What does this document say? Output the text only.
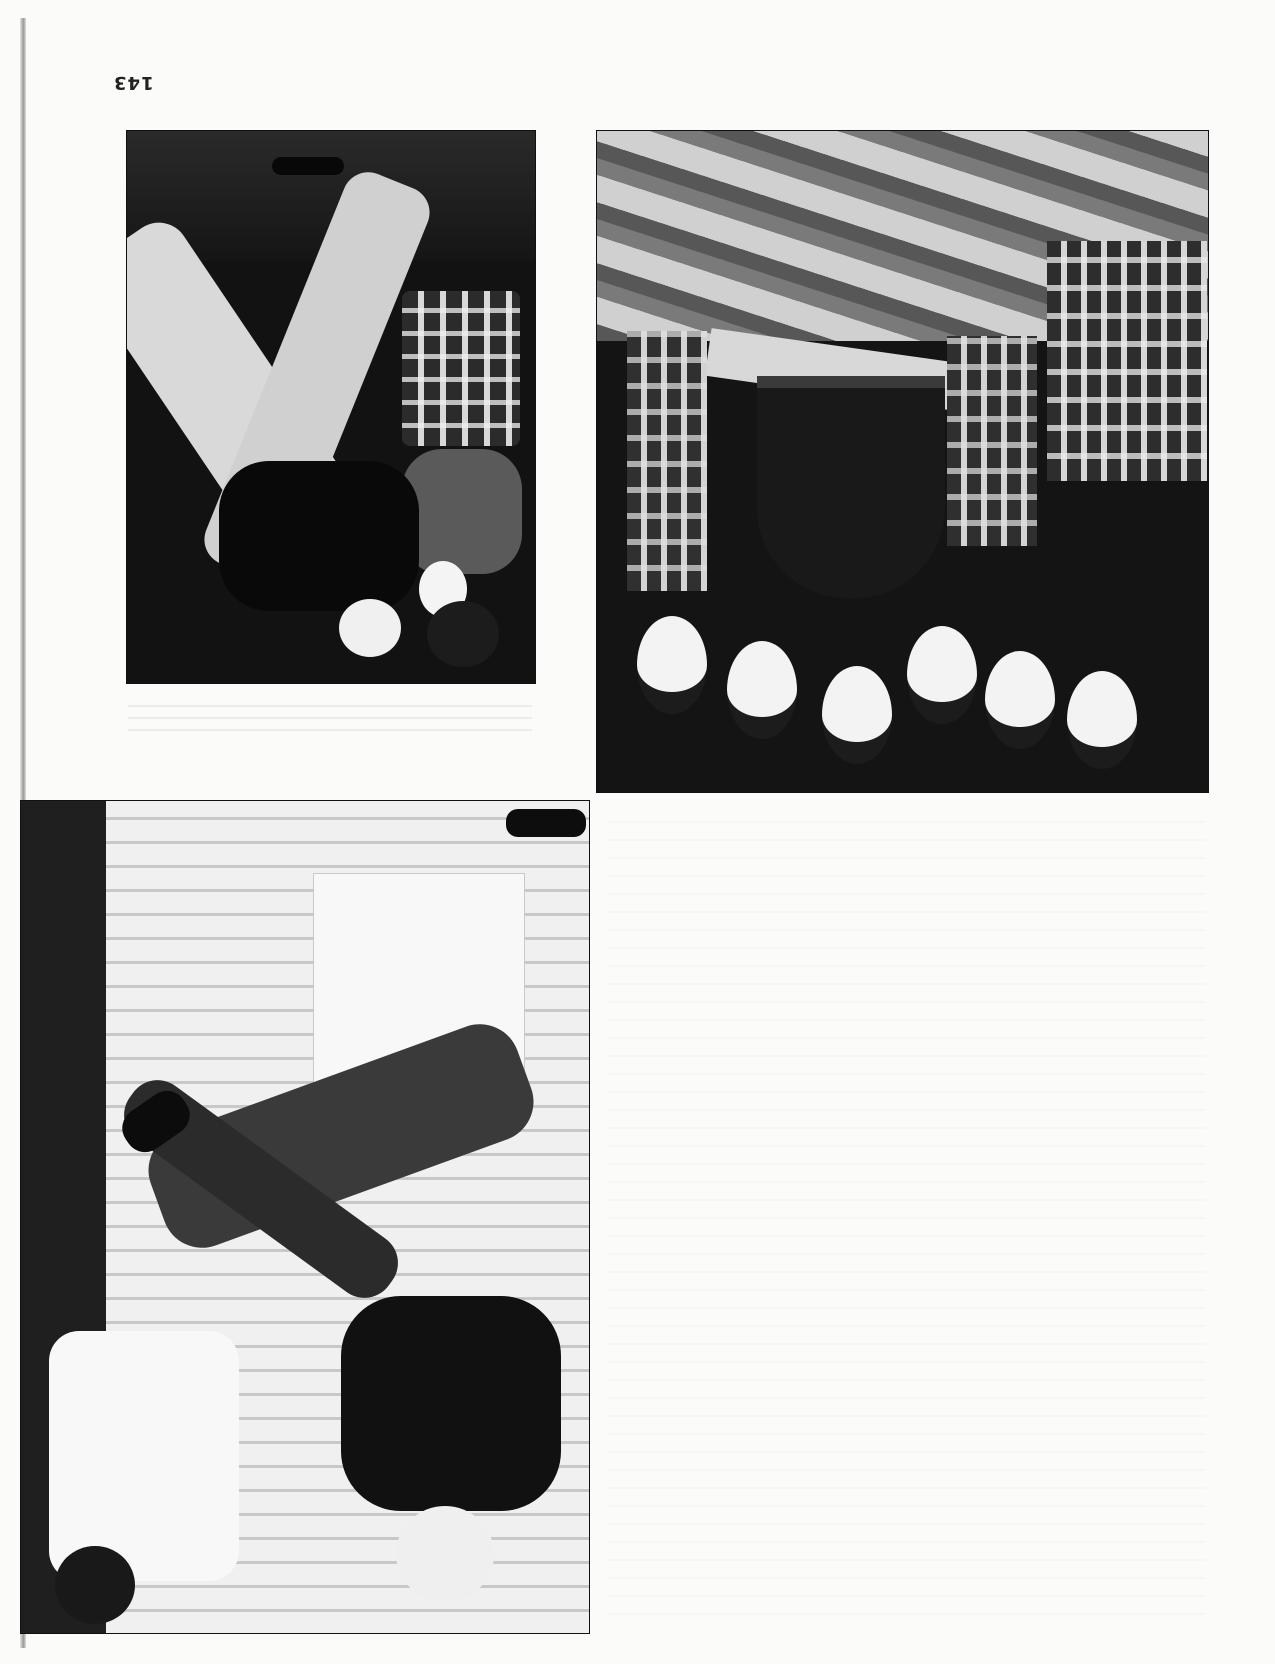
143
